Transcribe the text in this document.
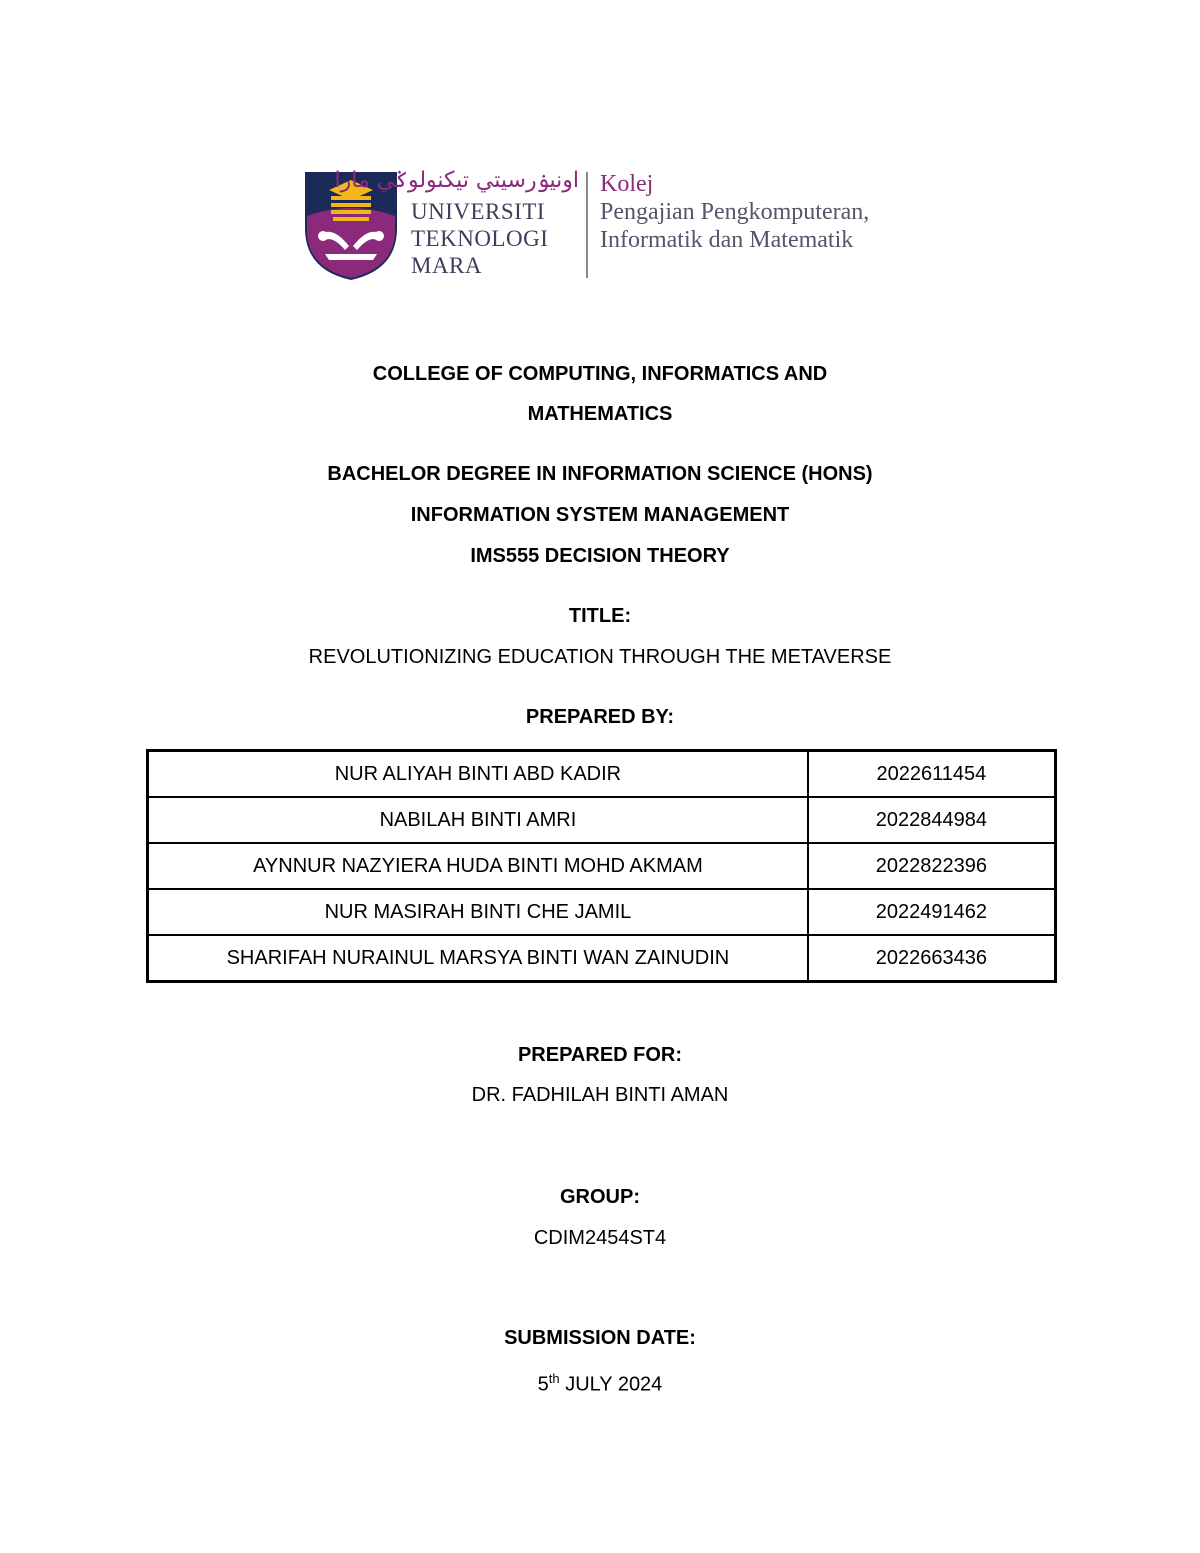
اونيۏرسيتي تيکنولوݢي مارا
UNIVERSITI
TEKNOLOGI
MARA
Kolej
Pengajian Pengkomputeran,
Informatik dan Matematik
COLLEGE OF COMPUTING, INFORMATICS AND
MATHEMATICS
BACHELOR DEGREE IN INFORMATION SCIENCE (HONS)
INFORMATION SYSTEM MANAGEMENT
IMS555 DECISION THEORY
TITLE:
REVOLUTIONIZING EDUCATION THROUGH THE METAVERSE
PREPARED BY:
NUR ALIYAH BINTI ABD KADIR	2022611454
NABILAH BINTI AMRI	2022844984
AYNNUR NAZYIERA HUDA BINTI MOHD AKMAM	2022822396
NUR MASIRAH BINTI CHE JAMIL	2022491462
SHARIFAH NURAINUL MARSYA BINTI WAN ZAINUDIN	2022663436
PREPARED FOR:
DR. FADHILAH BINTI AMAN
GROUP:
CDIM2454ST4
SUBMISSION DATE:
5th JULY 2024
